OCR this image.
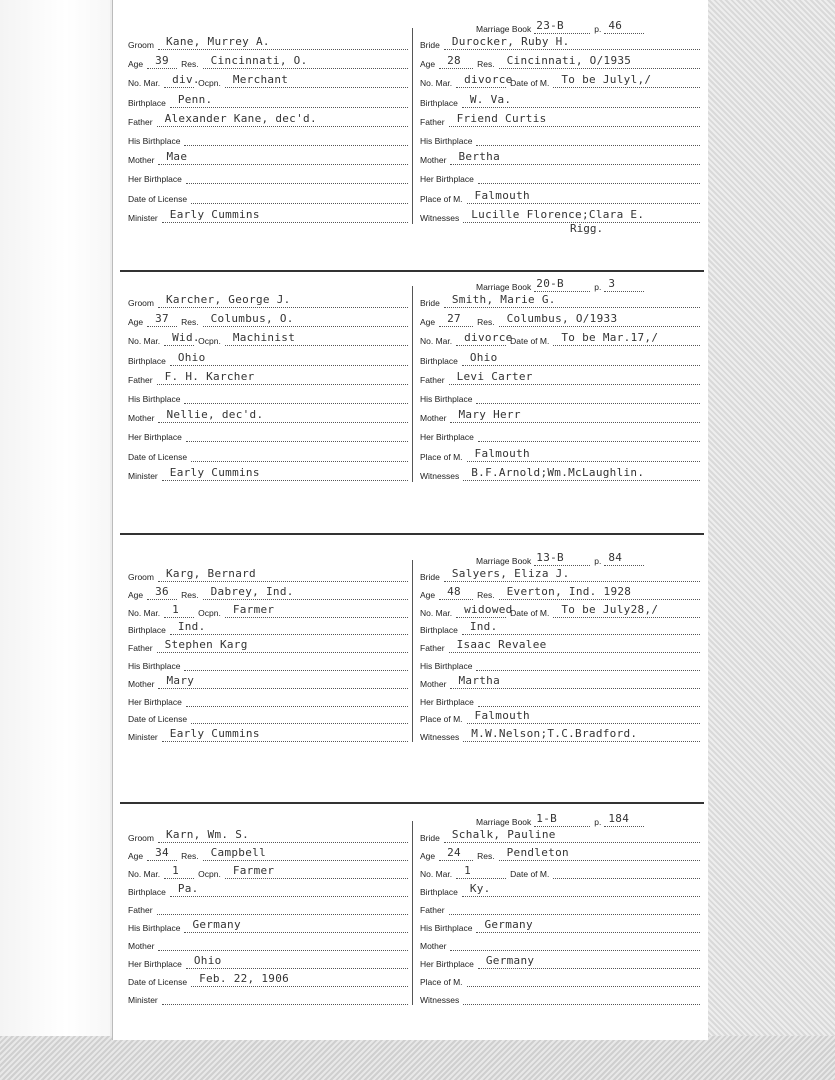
Marriage Book 23-B	p. 46
Groom Kane, Murrey A.
Age 39 Res. Cincinnati, O.
No. Mar. div.
Ocpn. Merchant
Birthplace Penn.
Father Alexander Kane, dec'd.
His Birthplace
Mother Mae
Her Birthplace
Date of License
Minister Early Cummins
Bride Durocker, Ruby H.
Age 28 Res. Cincinnati, O/1935
No. Mar. divorce
Date of M. To be Julyl,/
Birthplace W. Va.
Father Friend Curtis
His Birthplace
Mother Bertha
Her Birthplace
Place of M. Falmouth
Witnesses Lucille Florence;Clara E.
Rigg.
Marriage Book 20-B	p. 3
Groom Karcher, George J.
Age 37 Res. Columbus, O.
No. Mar. Wid.
Ocpn. Machinist
Birthplace Ohio
Father F. H. Karcher
His Birthplace
Mother Nellie, dec'd.
Her Birthplace
Date of License
Minister Early Cummins
Bride Smith, Marie G.
Age 27 Res. Columbus, O/1933
No. Mar. divorce
Date of M. To be Mar.17,/
Birthplace Ohio
Father Levi Carter
His Birthplace
Mother Mary Herr
Her Birthplace
Place of M. Falmouth
Witnesses B.F.Arnold;Wm.McLaughlin.
Marriage Book 13-B	p. 84
Groom Karg, Bernard
Age 36 Res. Dabrey, Ind.
No. Mar. 1 Ocpn. Farmer
Birthplace Ind.
Father Stephen Karg
His Birthplace
Mother Mary
Her Birthplace
Date of License
Minister Early Cummins
Bride Salyers, Eliza J.
Age 48 Res. Everton, Ind. 1928
No. Mar. widowed
Date of M. To be July28,/
Birthplace Ind.
Father Isaac Revalee
His Birthplace
Mother Martha
Her Birthplace
Place of M. Falmouth
Witnesses M.W.Nelson;T.C.Bradford.
Marriage Book 1-B	p. 184
Groom Karn, Wm. S.
Age 34 Res. Campbell
No. Mar. 1 Ocpn. Farmer
Birthplace Pa.
Father
His Birthplace Germany
Mother
Her Birthplace Ohio
Date of License Feb. 22, 1906
Minister
Bride Schalk, Pauline
Age 24 Res. Pendleton
No. Mar. 1	Date of M.
Birthplace Ky.
Father
His Birthplace Germany
Mother
Her Birthplace Germany
Place of M.
Witnesses
